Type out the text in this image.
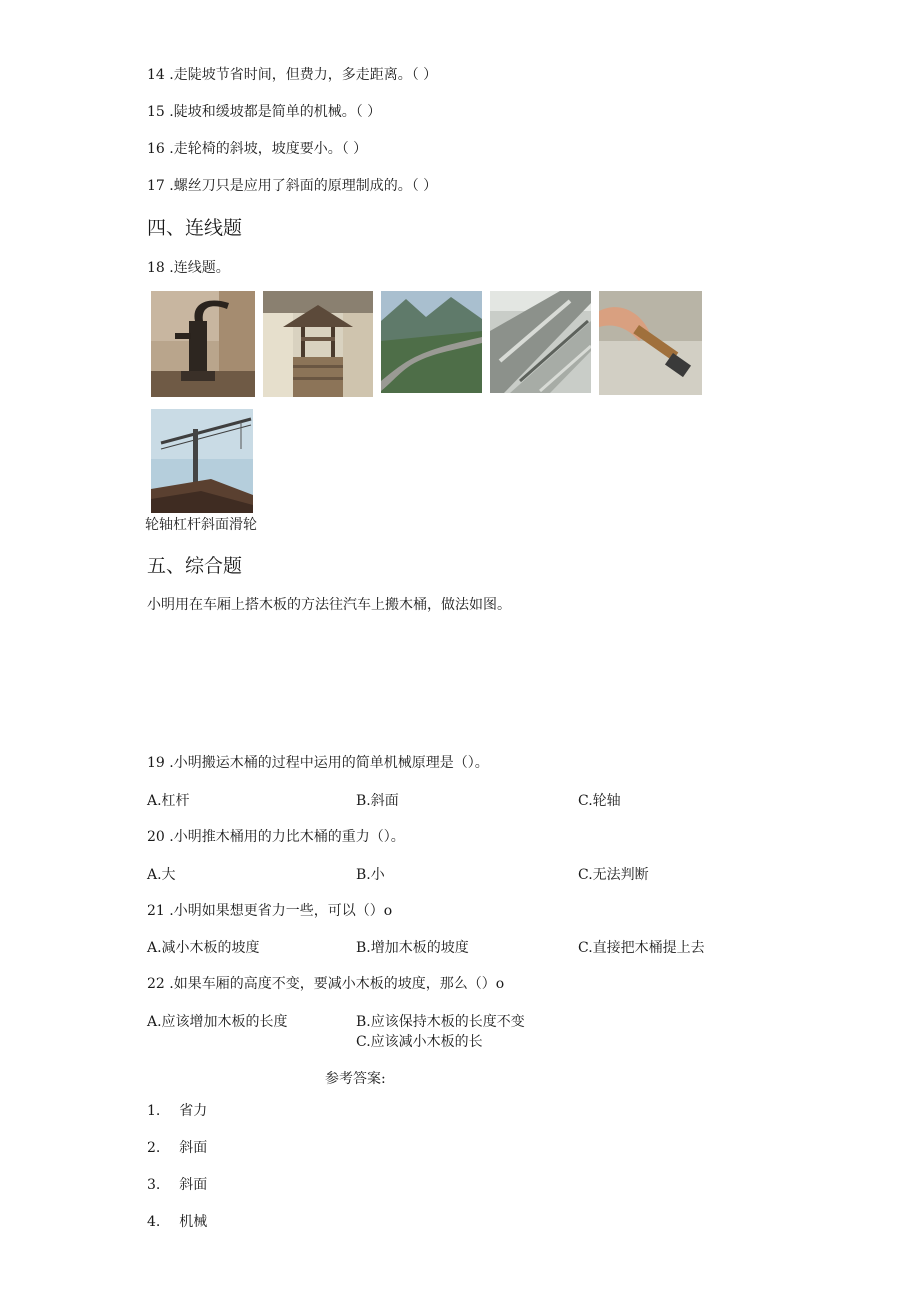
14 .走陡坡节省时间，但费力，多走距离。（ ）
15 .陡坡和缓坡都是简单的机械。（ ）
16 .走轮椅的斜坡，坡度要小。（ ）
17 .螺丝刀只是应用了斜面的原理制成的。（ ）
四、连线题
18 .连线题。
轮轴杠杆斜面滑轮
五、综合题
小明用在车厢上搭木板的方法往汽车上搬木桶，做法如图。
19 .小明搬运木桶的过程中运用的简单机械原理是（）。
A.杠杆	B.斜面	C.轮轴
20 .小明推木桶用的力比木桶的重力（）。
A.大	B.小	C.无法判断
21 .小明如果想更省力一些，可以（）o
A.减小木板的坡度	B.增加木板的坡度	C.直接把木桶提上去
22 .如果车厢的高度不变，要减小木板的坡度，那么（）o
A.应该增加木板的长度	B.应该保持木板的长度不变
C.应该减小木板的长
参考答案:
1. 省力
2. 斜面
3. 斜面
4. 机械
